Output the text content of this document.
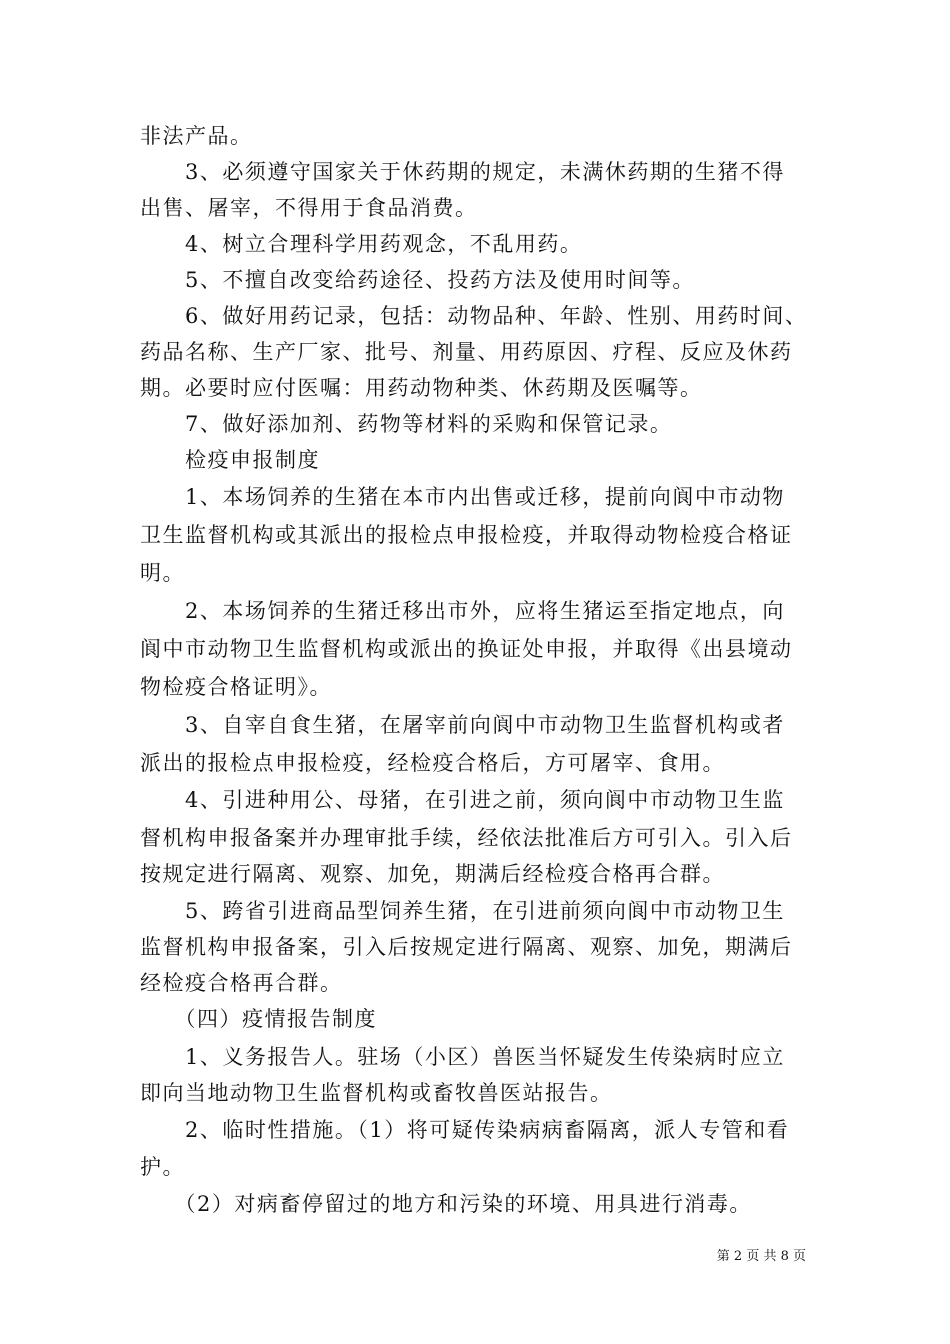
非法产品。
　　3、必须遵守国家关于休药期的规定，未满休药期的生猪不得
出售、屠宰，不得用于食品消费。
　　4、树立合理科学用药观念，不乱用药。
　　5、不擅自改变给药途径、投药方法及使用时间等。
　　6、做好用药记录，包括：动物品种、年龄、性别、用药时间、
药品名称、生产厂家、批号、剂量、用药原因、疗程、反应及休药
期。必要时应付医嘱：用药动物种类、休药期及医嘱等。
　　7、做好添加剂、药物等材料的采购和保管记录。
　　检疫申报制度
　　1、本场饲养的生猪在本市内出售或迁移，提前向阆中市动物
卫生监督机构或其派出的报检点申报检疫，并取得动物检疫合格证
明。
　　2、本场饲养的生猪迁移出市外，应将生猪运至指定地点，向
阆中市动物卫生监督机构或派出的换证处申报，并取得《出县境动
物检疫合格证明》。
　　3、自宰自食生猪，在屠宰前向阆中市动物卫生监督机构或者
派出的报检点申报检疫，经检疫合格后，方可屠宰、食用。
　　4、引进种用公、母猪，在引进之前，须向阆中市动物卫生监
督机构申报备案并办理审批手续，经依法批准后方可引入。引入后
按规定进行隔离、观察、加免，期满后经检疫合格再合群。
　　5、跨省引进商品型饲养生猪，在引进前须向阆中市动物卫生
监督机构申报备案，引入后按规定进行隔离、观察、加免，期满后
经检疫合格再合群。
　　（四）疫情报告制度
　　1、义务报告人。驻场（小区）兽医当怀疑发生传染病时应立
即向当地动物卫生监督机构或畜牧兽医站报告。
　　2、临时性措施。（1）将可疑传染病病畜隔离，派人专管和看
护。
　　（2）对病畜停留过的地方和污染的环境、用具进行消毒。
第 2 页 共 8 页
